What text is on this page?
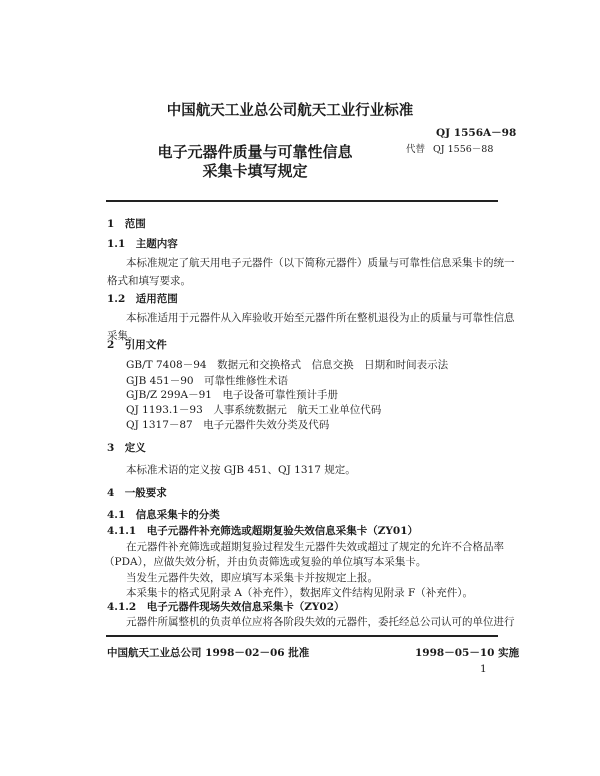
中国航天工业总公司航天工业行业标准
QJ 1556A－98
代替 QJ 1556－88
电子元器件质量与可靠性信息
采集卡填写规定
1　范围
1.1　主题内容
本标准规定了航天用电子元器件（以下简称元器件）质量与可靠性信息采集卡的统一
格式和填写要求。
1.2　适用范围
本标准适用于元器件从入库验收开始至元器件所在整机退役为止的质量与可靠性信息
采集。
2　引用文件
GB/T 7408－94　数据元和交换格式　信息交换　日期和时间表示法
GJB 451－90　可靠性维修性术语
GJB/Z 299A－91　电子设备可靠性预计手册
QJ 1193.1－93　人事系统数据元　航天工业单位代码
QJ 1317－87　电子元器件失效分类及代码
3　定义
本标准术语的定义按 GJB 451、QJ 1317 规定。
4　一般要求
4.1　信息采集卡的分类
4.1.1　电子元器件补充筛选或超期复验失效信息采集卡（ZY01）
在元器件补充筛选或超期复验过程发生元器件失效或超过了规定的允许不合格品率
（PDA），应做失效分析，并由负责筛选或复验的单位填写本采集卡。
当发生元器件失效，即应填写本采集卡并按规定上报。
本采集卡的格式见附录 A（补充件），数据库文件结构见附录 F（补充件）。
4.1.2　电子元器件现场失效信息采集卡（ZY02）
元器件所属整机的负责单位应将各阶段失效的元器件，委托经总公司认可的单位进行
中国航天工业总公司 1998－02－06 批准	1998－05－10 实施
1
